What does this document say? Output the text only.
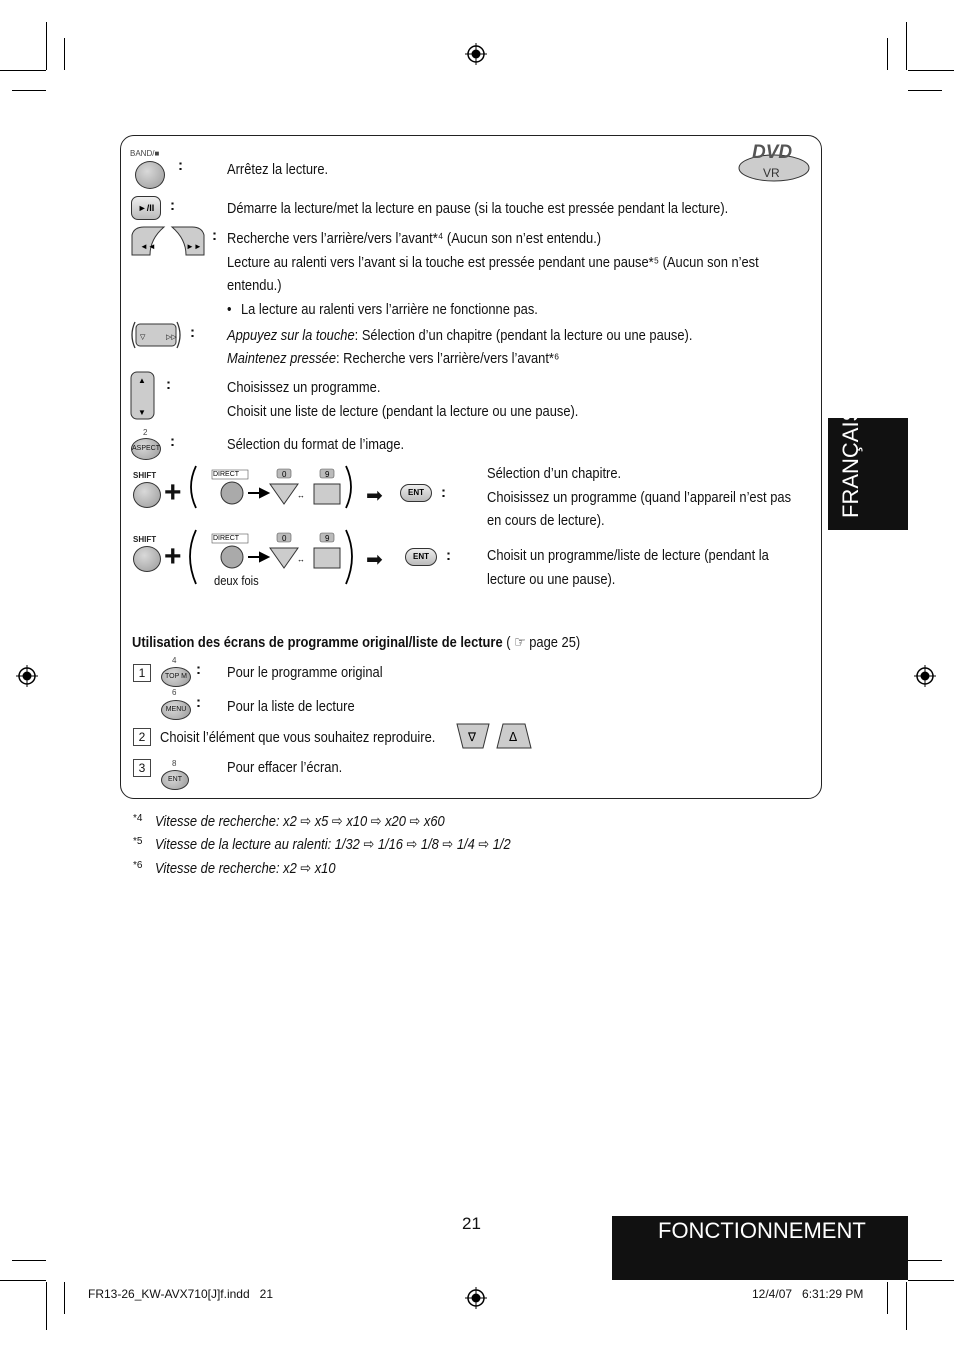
DVD
VR
BAND/■
:	Arrêtez la lecture.
►/II	:	Démarre la lecture/met la lecture en pause (si la touche est pressée pendant la lecture).
◄◄	►►
: Recherche vers l’arrière/vers l’avant*⁴ (Aucun son n’est entendu.)
Lecture au ralenti vers l’avant si la touche est pressée pendant une pause*⁵ (Aucun son n’est
entendu.)
• La lecture au ralenti vers l’arrière ne fonctionne pas.
▽	▷▷ : Appuyez sur la touche: Sélection d’un chapitre (pendant la lecture ou une pause).
Maintenez pressée: Recherche vers l’arrière/vers l’avant*⁶
▲
▼
:	Choisissez un programme.
Choisit une liste de lecture (pendant la lecture ou une pause).
2
ASPECT :	Sélection du format de l’image.
SHIFT
+	↔
DIRECT	0	9
➡	ENT	:
Sélection d’un chapitre.
Choisissez un programme (quand l’appareil n’est pas
en cours de lecture).
SHIFT
+	↔
DIRECT	0	9
deux fois
➡	ENT	: Choisit un programme/liste de lecture (pendant la
lecture ou une pause).
Utilisation des écrans de programme original/liste de lecture ( ☞ page 25)
1
4
TOP M : Pour le programme original
6
MENU : Pour la liste de lecture
2 Choisit l’élément que vous souhaitez reproduire.	∇	Δ
3	8
ENT
Pour effacer l’écran.
*4 Vitesse de recherche: x2 ⇨ x5 ⇨ x10 ⇨ x20 ⇨ x60
*5 Vitesse de la lecture au ralenti: 1/32 ⇨ 1/16 ⇨ 1/8 ⇨ 1/4 ⇨ 1/2
*6 Vitesse de recherche: x2 ⇨ x10
FRANÇAIS
FONCTIONNEMENT
21
FR13-26_KW-AVX710[J]f.indd   21	12/4/07   6:31:29 PM
